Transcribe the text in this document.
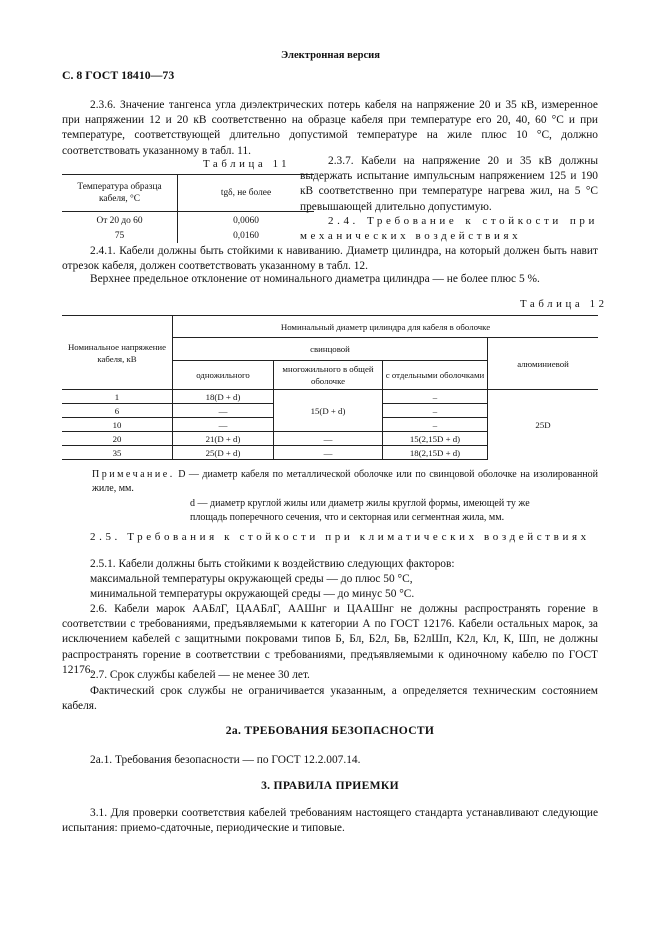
Электронная версия
С. 8 ГОСТ 18410—73
2.3.6. Значение тангенса угла диэлектрических потерь кабеля на напряжение 20 и 35 кВ, измеренное при напряжении 12 и 20 кВ соответственно на образце кабеля при температуре его 20, 40, 60 °С и при температуре, соответствующей длительно допустимой температуре на жиле плюс 10 °С, должно соответствовать указанному в табл. 11.
Таблица 11
Температура образца кабеля, °С	tgδ, не более
От 20 до 60	0,0060
75	0,0160
2.3.7. Кабели на напряжение 20 и 35 кВ должны выдержать испытание импульсным напряжением 125 и 190 кВ соответственно при температуре нагрева жил, на 5 °С превышающей длительно допустимую.
2.4. Требование к стойкости при механических воздействиях
2.4.1. Кабели должны быть стойкими к навиванию. Диаметр цилиндра, на который должен быть навит отрезок кабеля, должен соответствовать указанному в табл. 12.
Верхнее предельное отклонение от номинального диаметра цилиндра — не более плюс 5 %.
Таблица 12
Номинальное напряжение кабеля, кВ	Номинальный диаметр цилиндра для кабеля в оболочке			
	свинцовой			алюминиевой
	одножильного	многожильного в общей оболочке	с отдельными оболочками	
1	18(D + d)	15(D + d)	–	25D
6	—		–	
10	—		–	
20	21(D + d)	—	15(2,15D + d)	
35	25(D + d)	—	18(2,15D + d)	
Примечание. D — диаметр кабеля по металлической оболочке или по свинцовой оболочке на изолированной жиле, мм.
d — диаметр круглой жилы или диаметр жилы круглой формы, имеющей ту же
площадь поперечного сечения, что и секторная или сегментная жила, мм.
2.5. Требования к стойкости при климатических воздействиях
2.5.1. Кабели должны быть стойкими к воздействию следующих факторов:
максимальной температуры окружающей среды — до плюс 50 °С,
минимальной температуры окружающей среды — до минус 50 °С.
2.6. Кабели марок ААБлГ, ЦААБлГ, ААШнг и ЦААШнг не должны распространять горение в соответствии с требованиями, предъявляемыми к категории А по ГОСТ 12176. Кабели остальных марок, за исключением кабелей с защитными покровами типов Б, Бл, Б2л, Бв, Б2лШп, К2л, Кл, К, Шп, не должны распространять горение в соответствии с требованиями, предъявляемыми к одиночному кабелю по ГОСТ 12176.
2.7. Срок службы кабелей — не менее 30 лет.
Фактический срок службы не ограничивается указанным, а определяется техническим состоянием кабеля.
2а. ТРЕБОВАНИЯ БЕЗОПАСНОСТИ
2а.1. Требования безопасности — по ГОСТ 12.2.007.14.
3. ПРАВИЛА ПРИЕМКИ
3.1. Для проверки соответствия кабелей требованиям настоящего стандарта устанавливают следующие испытания: приемо-сдаточные, периодические и типовые.
